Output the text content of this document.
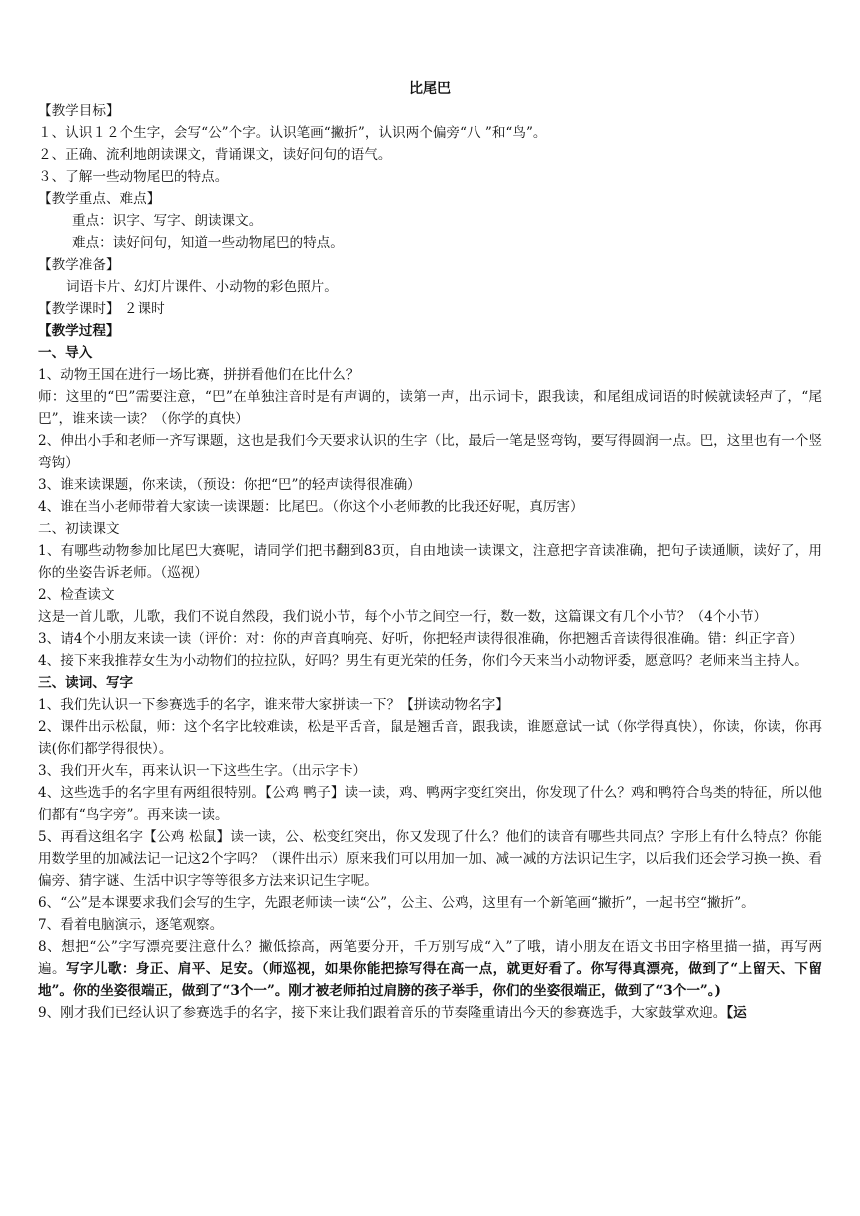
比尾巴

【教学目标】

１、认识１２个生字，会写“公”个字。认识笔画“撇折”，认识两个偏旁“八 ”和“鸟”。

２、正确、流利地朗读课文，背诵课文，读好问句的语气。

３、了解一些动物尾巴的特点。

【教学重点、难点】

重点：识字、写字、朗读课文。

难点：读好问句，知道一些动物尾巴的特点。

【教学准备】

词语卡片、幻灯片课件、小动物的彩色照片。

【教学课时】 ２课时

【教学过程】

一、导入

1、动物王国在进行一场比赛，拼拼看他们在比什么？

师：这里的“巴”需要注意，“巴”在单独注音时是有声调的，读第一声，出示词卡，跟我读，和尾组成词语的时候就读轻声了，“尾巴”，谁来读一读？（你学的真快）

2、伸出小手和老师一齐写课题，这也是我们今天要求认识的生字（比，最后一笔是竖弯钩，要写得圆润一点。巴，这里也有一个竖弯钩）

3、谁来读课题，你来读，（预设：你把“巴”的轻声读得很准确）

4、谁在当小老师带着大家读一读课题：比尾巴。（你这个小老师教的比我还好呢，真厉害）

二、初读课文

1、有哪些动物参加比尾巴大赛呢，请同学们把书翻到83页，自由地读一读课文，注意把字音读准确，把句子读通顺，读好了，用你的坐姿告诉老师。（巡视）

2、检查读文

这是一首儿歌，儿歌，我们不说自然段，我们说小节，每个小节之间空一行，数一数，这篇课文有几个小节？（4个小节）

3、请4个小朋友来读一读（评价：对：你的声音真响亮、好听，你把轻声读得很准确，你把翘舌音读得很准确。错：纠正字音）

4、接下来我推荐女生为小动物们的拉拉队，好吗？男生有更光荣的任务，你们今天来当小动物评委，愿意吗？老师来当主持人。

三、读词、写字

1、我们先认识一下参赛选手的名字，谁来带大家拼读一下？【拼读动物名字】

2、课件出示松鼠，师：这个名字比较难读，松是平舌音，鼠是翘舌音，跟我读，谁愿意试一试（你学得真快），你读，你读，你再读(你们都学得很快）。

3、我们开火车，再来认识一下这些生字。（出示字卡）

4、这些选手的名字里有两组很特别。【公鸡 鸭子】读一读，鸡、鸭两字变红突出，你发现了什么？鸡和鸭符合鸟类的特征，所以他们都有“鸟字旁”。再来读一读。

5、再看这组名字【公鸡 松鼠】读一读，公、松变红突出，你又发现了什么？他们的读音有哪些共同点？字形上有什么特点？你能用数学里的加减法记一记这2个字吗？（课件出示）原来我们可以用加一加、减一减的方法识记生字，以后我们还会学习换一换、看偏旁、猜字谜、生活中识字等等很多方法来识记生字呢。

6、“公”是本课要求我们会写的生字，先跟老师读一读“公”，公主、公鸡，这里有一个新笔画“撇折”，一起书空“撇折”。

7、看着电脑演示，逐笔观察。

8、想把“公”字写漂亮要注意什么？撇低捺高，两笔要分开，千万别写成“入”了哦，请小朋友在语文书田字格里描一描，再写两遍。写字儿歌：身正、肩平、足安。（师巡视，如果你能把捺写得在高一点，就更好看了。你写得真漂亮，做到了“上留天、下留地”。你的坐姿很端正，做到了“3个一”。刚才被老师拍过肩膀的孩子举手，你们的坐姿很端正，做到了“3个一”。)

9、刚才我们已经认识了参赛选手的名字，接下来让我们跟着音乐的节奏隆重请出今天的参赛选手，大家鼓掌欢迎。【运
